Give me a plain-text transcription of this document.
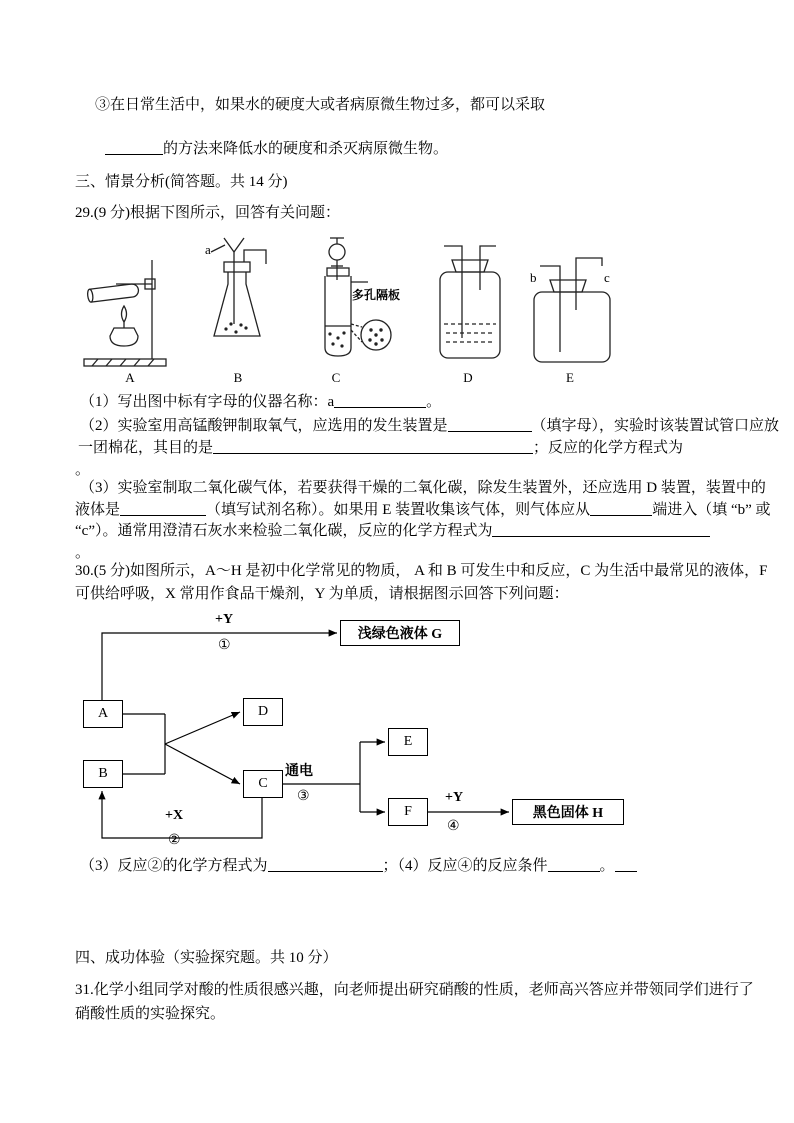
③在日常生活中，如果水的硬度大或者病原微生物过多，都可以采取
的方法来降低水的硬度和杀灭病原微生物。
三、情景分析(简答题。共 14 分)
29.(9 分)根据下图所示，回答有关问题：
a
多孔隔板
b	c
A	B	C	D	E
（1）写出图中标有字母的仪器名称：a	。
（2）实验室用高锰酸钾制取氧气，应选用的发生装置是	（填字母），实验时该装置试管口应放
一团棉花，其目的是	；反应的化学方程式为
。
（3）实验室制取二氧化碳气体，若要获得干燥的二氧化碳，除发生装置外，还应选用 D 装置，装置中的
液体是	（填写试剂名称）。如果用 E 装置收集该气体，则气体应从	端进入（填 “b” 或
“c”）。通常用澄清石灰水来检验二氧化碳，反应的化学方程式为
。
30.(5 分)如图所示，A～H 是初中化学常见的物质， A 和 B 可发生中和反应，C 为生活中最常见的液体，F
可供给呼吸，X 常用作食品干燥剂，Y 为单质，请根据图示回答下列问题：
浅绿色液体 G
A	D
B
C
E
F	黑色固体 H
+Y
①
通电
③
+X
②
+Y
④
（3）反应②的化学方程式为	；（4）反应④的反应条件	。
四、成功体验（实验探究题。共 10 分）
31.化学小组同学对酸的性质很感兴趣，向老师提出研究硝酸的性质，老师高兴答应并带领同学们进行了
硝酸性质的实验探究。
